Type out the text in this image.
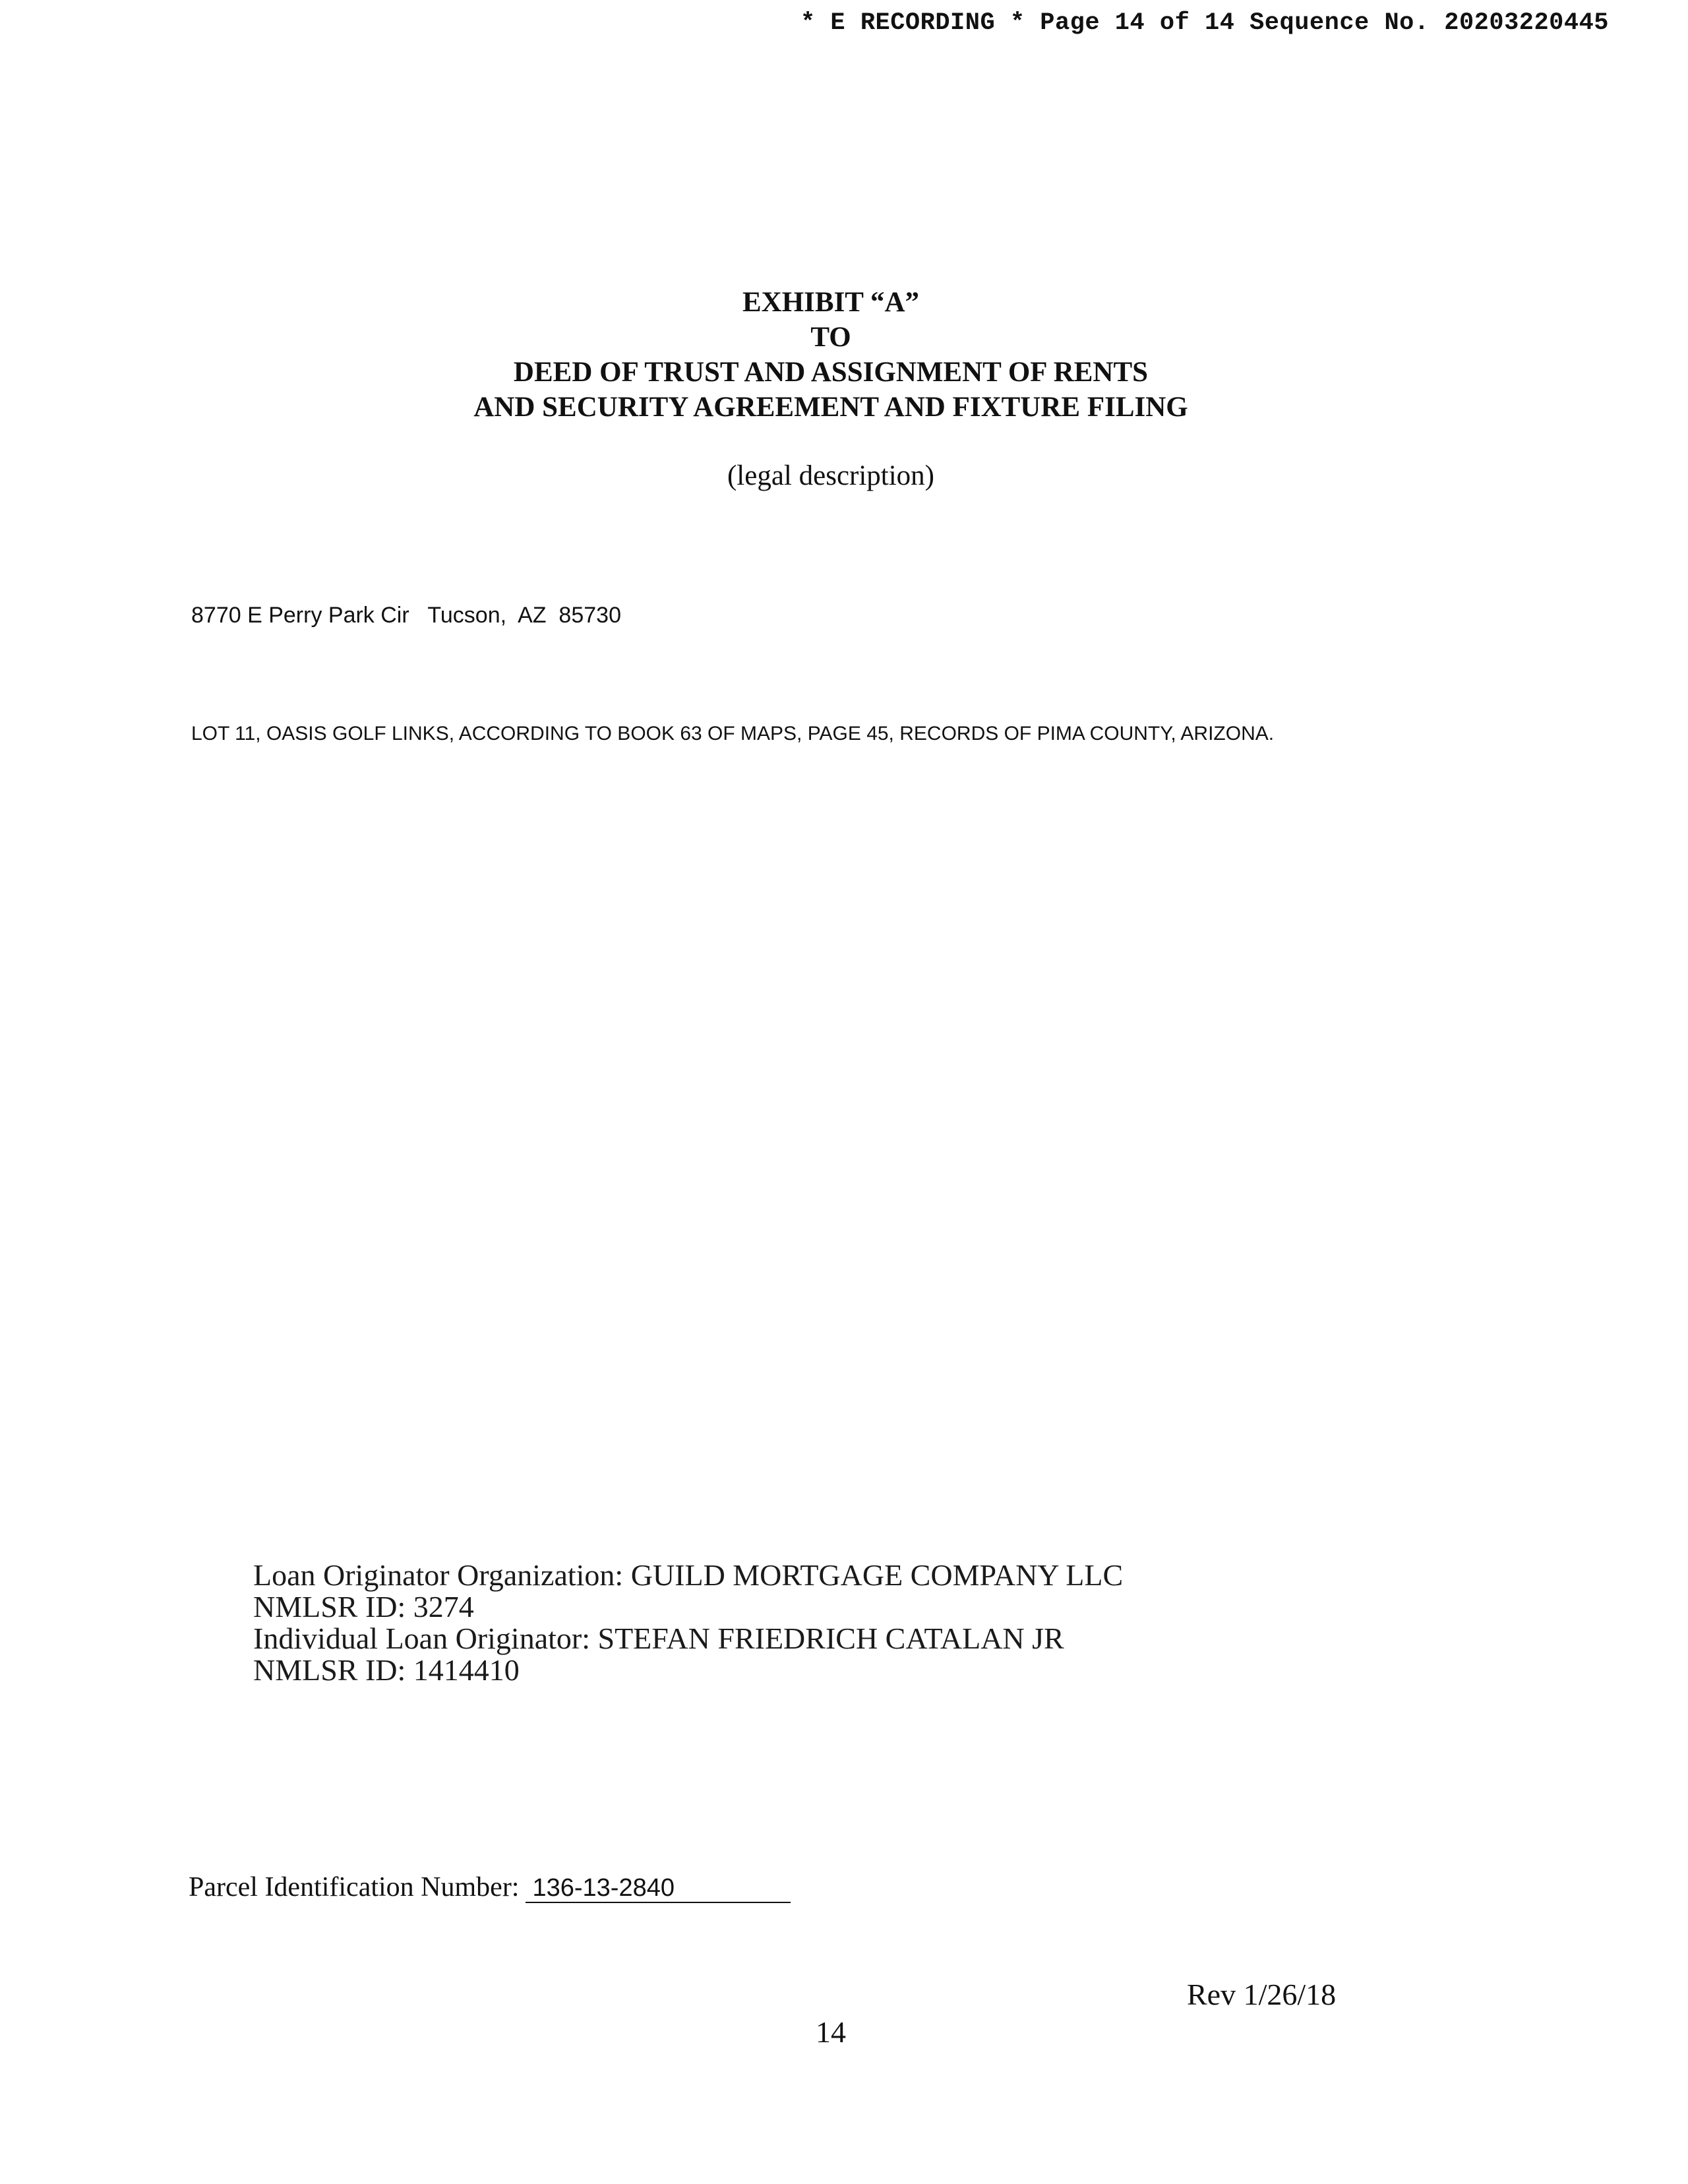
* E RECORDING * Page 14 of 14 Sequence No. 20203220445
EXHIBIT “A”
TO
DEED OF TRUST AND ASSIGNMENT OF RENTS
AND SECURITY AGREEMENT AND FIXTURE FILING
(legal description)
8770 E Perry Park Cir   Tucson,  AZ  85730
LOT 11, OASIS GOLF LINKS, ACCORDING TO BOOK 63 OF MAPS, PAGE 45, RECORDS OF PIMA COUNTY, ARIZONA.
Loan Originator Organization: GUILD MORTGAGE COMPANY LLC
NMLSR ID: 3274
Individual Loan Originator: STEFAN FRIEDRICH CATALAN JR
NMLSR ID: 1414410
Parcel Identification Number: 136-13-2840
Rev 1/26/18
14
